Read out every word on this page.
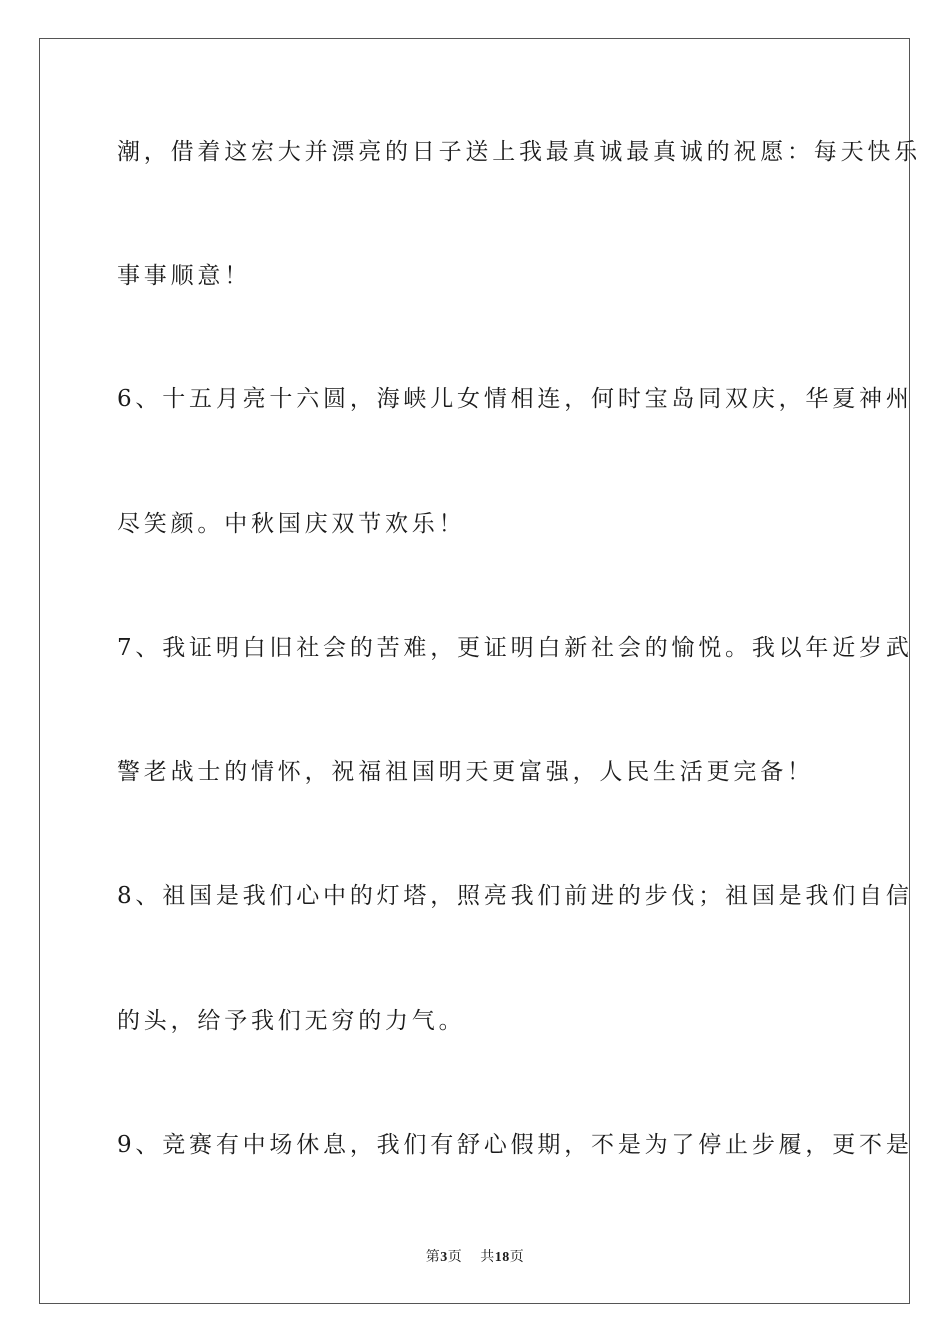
潮，借着这宏大并漂亮的日子送上我最真诚最真诚的祝愿：每天快乐
事事顺意！
6、十五月亮十六圆，海峡儿女情相连，何时宝岛同双庆，华夏神州
尽笑颜。中秋国庆双节欢乐！
7、我证明白旧社会的苦难，更证明白新社会的愉悦。我以年近岁武
警老战士的情怀，祝福祖国明天更富强，人民生活更完备！
8、祖国是我们心中的灯塔，照亮我们前进的步伐；祖国是我们自信
的头，给予我们无穷的力气。
9、竞赛有中场休息，我们有舒心假期，不是为了停止步履，更不是
第3页 共18页
